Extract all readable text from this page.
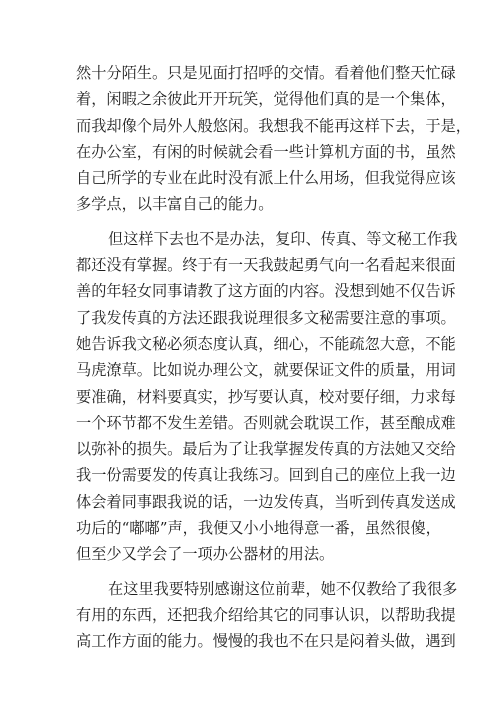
然十分陌生。只是见面打招呼的交情。看着他们整天忙碌
着，闲暇之余彼此开开玩笑，觉得他们真的是一个集体，
而我却像个局外人般悠闲。我想我不能再这样下去，于是，
在办公室，有闲的时候就会看一些计算机方面的书，虽然
自己所学的专业在此时没有派上什么用场，但我觉得应该
多学点，以丰富自己的能力。
但这样下去也不是办法，复印、传真、等文秘工作我
都还没有掌握。终于有一天我鼓起勇气向一名看起来很面
善的年轻女同事请教了这方面的内容。没想到她不仅告诉
了我发传真的方法还跟我说理很多文秘需要注意的事项。
她告诉我文秘必须态度认真，细心，不能疏忽大意，不能
马虎潦草。比如说办理公文，就要保证文件的质量，用词
要准确，材料要真实，抄写要认真，校对要仔细，力求每
一个环节都不发生差错。否则就会耽误工作，甚至酿成难
以弥补的损失。最后为了让我掌握发传真的方法她又交给
我一份需要发的传真让我练习。回到自己的座位上我一边
体会着同事跟我说的话，一边发传真，当听到传真发送成
功后的“嘟嘟”声，我便又小小地得意一番，虽然很傻，
但至少又学会了一项办公器材的用法。
在这里我要特别感谢这位前辈，她不仅教给了我很多
有用的东西，还把我介绍给其它的同事认识，以帮助我提
高工作方面的能力。慢慢的我也不在只是闷着头做，遇到
